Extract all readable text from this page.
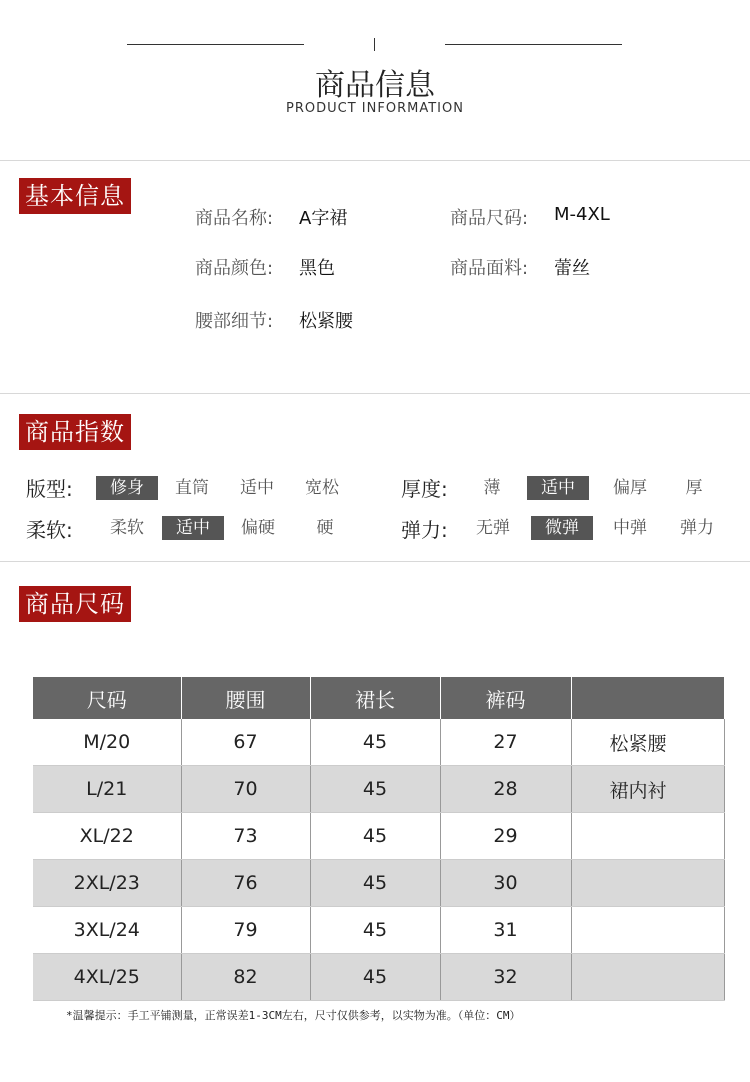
商品信息
PRODUCT INFORMATION
基本信息
商品名称: A字裙	商品尺码: M-4XL
商品颜色: 黑色	商品面料: 蕾丝
腰部细节: 松紧腰
商品指数
版型:	修身	直筒	适中	宽松	厚度:	薄	适中	偏厚	厚
柔软:	柔软	适中	偏硬	硬	弹力:	无弹	微弹	中弹	弹力
商品尺码
尺码	腰围	裙长	裤码	
M/20	67	45	27	松紧腰
L/21	70	45	28	裙内衬
XL/22	73	45	29	
2XL/23	76	45	30	
3XL/24	79	45	31	
4XL/25	82	45	32	
*温馨提示：手工平铺测量，正常误差1-3CM左右，尺寸仅供参考，以实物为准。（单位：CM）
